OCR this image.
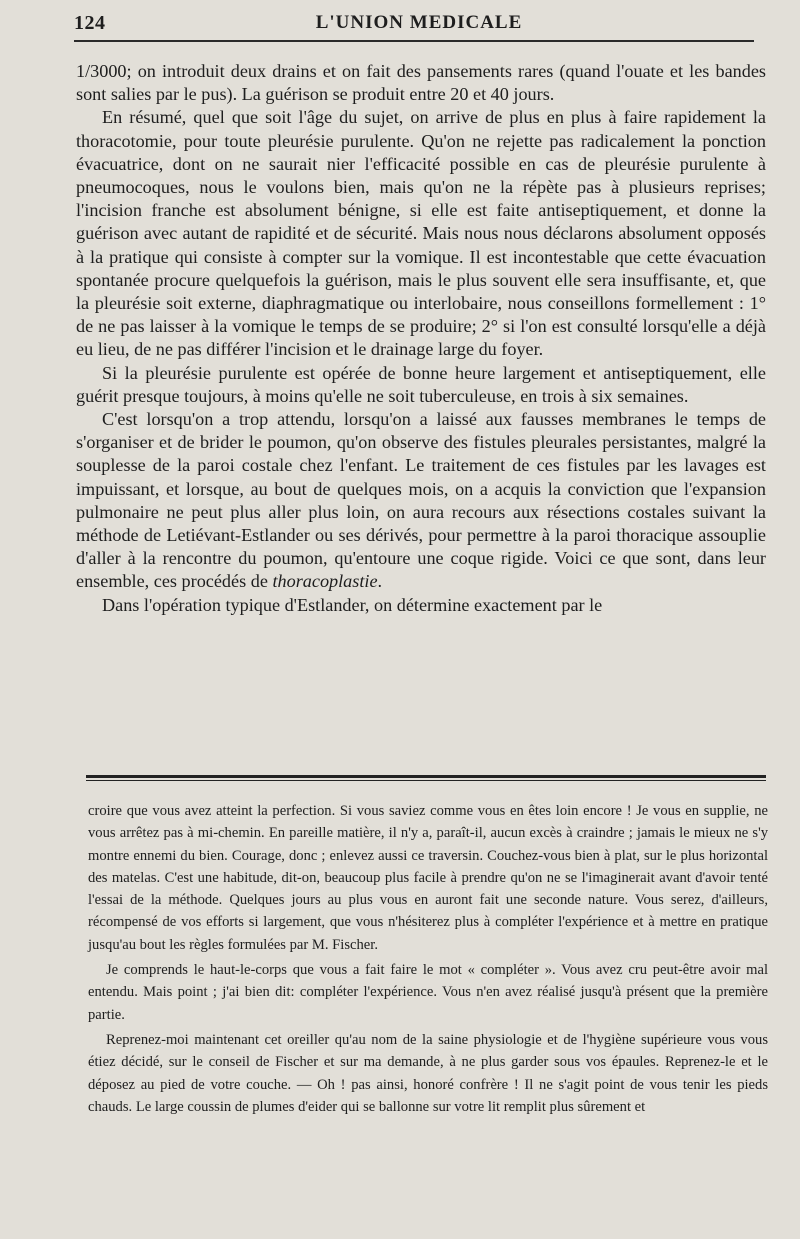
124	L'UNION MEDICALE

1/3000; on introduit deux drains et on fait des pansements rares (quand l'ouate et les bandes sont salies par le pus). La guérison se produit entre 20 et 40 jours.

En résumé, quel que soit l'âge du sujet, on arrive de plus en plus à faire rapidement la thoracotomie, pour toute pleurésie purulente. Qu'on ne rejette pas radicalement la ponction évacuatrice, dont on ne saurait nier l'efficacité possible en cas de pleurésie purulente à pneumocoques, nous le voulons bien, mais qu'on ne la répète pas à plusieurs reprises; l'incision franche est absolument bénigne, si elle est faite antiseptiquement, et donne la guérison avec autant de rapidité et de sécurité. Mais nous nous déclarons absolument opposés à la pratique qui consiste à compter sur la vomique. Il est incontestable que cette évacuation spontanée procure quelquefois la guérison, mais le plus souvent elle sera insuffisante, et, que la pleurésie soit externe, diaphragmatique ou interlobaire, nous conseillons formellement : 1° de ne pas laisser à la vomique le temps de se produire; 2° si l'on est consulté lorsqu'elle a déjà eu lieu, de ne pas différer l'incision et le drainage large du foyer.

Si la pleurésie purulente est opérée de bonne heure largement et antiseptiquement, elle guérit presque toujours, à moins qu'elle ne soit tuberculeuse, en trois à six semaines.

C'est lorsqu'on a trop attendu, lorsqu'on a laissé aux fausses membranes le temps de s'organiser et de brider le poumon, qu'on observe des fistules pleurales persistantes, malgré la souplesse de la paroi costale chez l'enfant. Le traitement de ces fistules par les lavages est impuissant, et lorsque, au bout de quelques mois, on a acquis la conviction que l'expansion pulmonaire ne peut plus aller plus loin, on aura recours aux résections costales suivant la méthode de Letiévant-Estlander ou ses dérivés, pour permettre à la paroi thoracique assouplie d'aller à la rencontre du poumon, qu'entoure une coque rigide. Voici ce que sont, dans leur ensemble, ces procédés de thoracoplastie.

Dans l'opération typique d'Estlander, on détermine exactement par le

croire que vous avez atteint la perfection. Si vous saviez comme vous en êtes loin encore ! Je vous en supplie, ne vous arrêtez pas à mi-chemin. En pareille matière, il n'y a, paraît-il, aucun excès à craindre ; jamais le mieux ne s'y montre ennemi du bien. Courage, donc ; enlevez aussi ce traversin. Couchez-vous bien à plat, sur le plus horizontal des matelas. C'est une habitude, dit-on, beaucoup plus facile à prendre qu'on ne se l'imaginerait avant d'avoir tenté l'essai de la méthode. Quelques jours au plus vous en auront fait une seconde nature. Vous serez, d'ailleurs, récompensé de vos efforts si largement, que vous n'hésiterez plus à compléter l'expérience et à mettre en pratique jusqu'au bout les règles formulées par M. Fischer.

Je comprends le haut-le-corps que vous a fait faire le mot « compléter ». Vous avez cru peut-être avoir mal entendu. Mais point ; j'ai bien dit: compléter l'expérience. Vous n'en avez réalisé jusqu'à présent que la première partie.

Reprenez-moi maintenant cet oreiller qu'au nom de la saine physiologie et de l'hygiène supérieure vous vous étiez décidé, sur le conseil de Fischer et sur ma demande, à ne plus garder sous vos épaules. Reprenez-le et le déposez au pied de votre couche. — Oh ! pas ainsi, honoré confrère ! Il ne s'agit point de vous tenir les pieds chauds. Le large coussin de plumes d'eider qui se ballonne sur votre lit remplit plus sûrement et
